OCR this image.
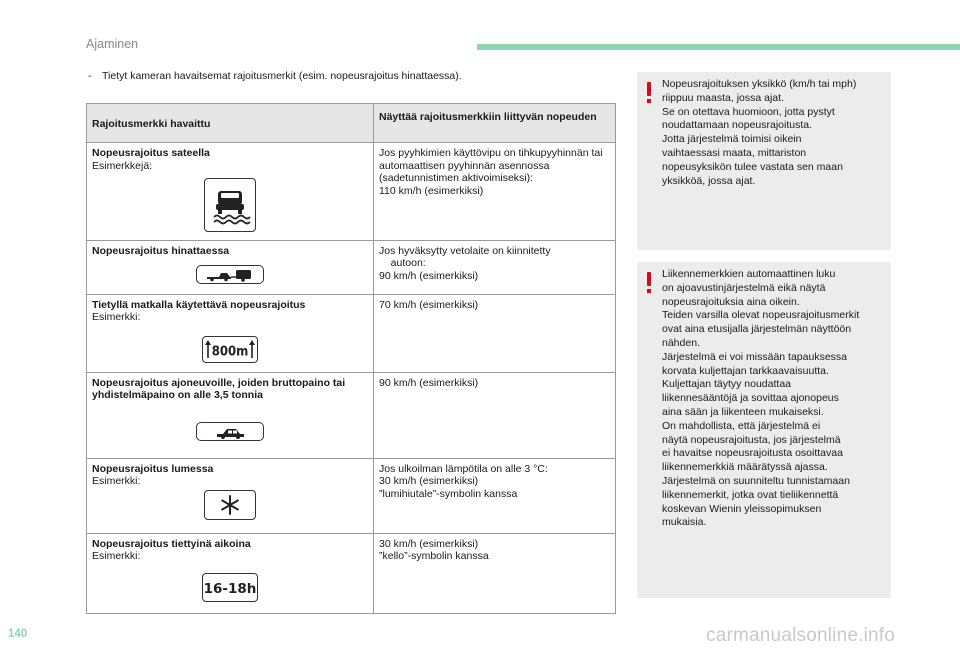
Ajaminen
- Tietyt kameran havaitsemat rajoitusmerkit (esim. nopeusrajoitus hinattaessa).
Rajoitusmerkki havaittu	Näyttää rajoitusmerkkiin liittyvän nopeuden

Nopeusrajoitus sateella
Esimerkkejä:	Jos pyyhkimien käyttövipu on tihkupyyhinnän tai automaattisen pyyhinnän asennossa (sadetunnistimen aktivoimiseksi):
110 km/h (esimerkiksi)

Nopeusrajoitus hinattaessa	Jos hyväksytty vetolaite on kiinnitetty
autoon:
90 km/h (esimerkiksi)

Tietyllä matkalla käytettävä nopeusrajoitus
Esimerkki:
800m	70 km/h (esimerkiksi)

Nopeusrajoitus ajoneuvoille, joiden bruttopaino tai yhdistelmäpaino on alle 3,5 tonnia	90 km/h (esimerkiksi)

Nopeusrajoitus lumessa
Esimerkki:	Jos ulkoilman lämpötila on alle 3 °C:
30 km/h (esimerkiksi)
”lumihiutale”-symbolin kanssa

Nopeusrajoitus tiettyinä aikoina
Esimerkki:
16-18h	30 km/h (esimerkiksi)
”kello”-symbolin kanssa
Nopeusrajoituksen yksikkö (km/h tai mph)
riippuu maasta, jossa ajat.
Se on otettava huomioon, jotta pystyt
noudattamaan nopeusrajoitusta.
Jotta järjestelmä toimisi oikein
vaihtaessasi maata, mittariston
nopeusyksikön tulee vastata sen maan
yksikköä, jossa ajat.
Liikennemerkkien automaattinen luku
on ajoavustinjärjestelmä eikä näytä
nopeusrajoituksia aina oikein.
Teiden varsilla olevat nopeusrajoitusmerkit
ovat aina etusijalla järjestelmän näyttöön
nähden.
Järjestelmä ei voi missään tapauksessa
korvata kuljettajan tarkkaavaisuutta.
Kuljettajan täytyy noudattaa
liikennesääntöjä ja sovittaa ajonopeus
aina sään ja liikenteen mukaiseksi.
On mahdollista, että järjestelmä ei
näytä nopeusrajoitusta, jos järjestelmä
ei havaitse nopeusrajoitusta osoittavaa
liikennemerkkiä määrätyssä ajassa.
Järjestelmä on suunniteltu tunnistamaan
liikennemerkit, jotka ovat tieliikennettä
koskevan Wienin yleissopimuksen
mukaisia.
140	carmanualsonline.info
